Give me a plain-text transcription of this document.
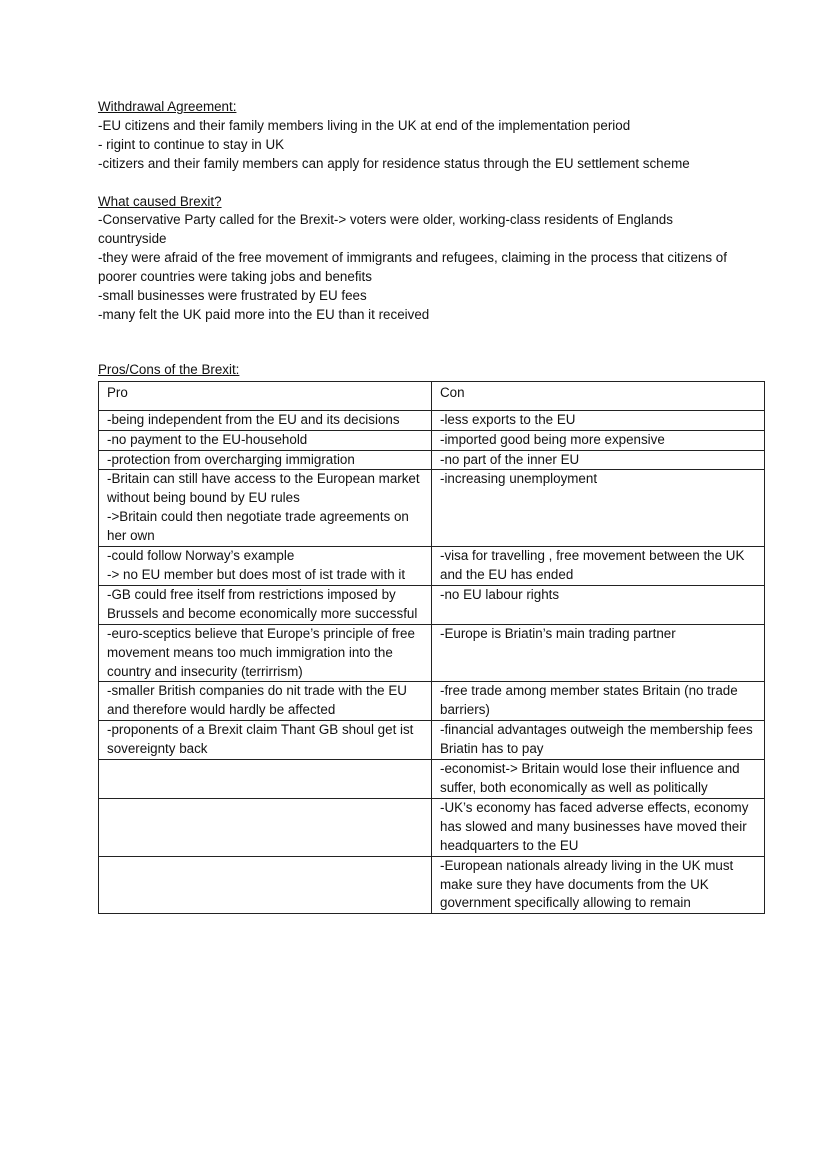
Withdrawal Agreement:
-EU citizens and their family members living in the UK at end of the implementation period
- rigint to continue to stay in UK
-citizers and their family members can apply for residence status through the EU settlement scheme
What caused Brexit?
-Conservative Party called for the Brexit-> voters were older, working-class residents of Englands countryside
-they were afraid of the free movement of immigrants and refugees, claiming in the process that citizens of poorer countries were taking jobs and benefits
-small businesses were frustrated by EU fees
-many felt the UK paid more into the EU than it received
Pros/Cons of the Brexit:
Pro	Con

-being independent from the EU and its decisions	-less exports to the EU

-no payment to the EU-household	-imported good being more expensive

-protection from overcharging immigration	-no part of the inner EU

-Britain can still have access to the European market without being bound by EU rules
->Britain could then negotiate trade agreements on her own	-increasing unemployment

-could follow Norway’s example
-> no EU member but does most of ist trade with it	-visa for travelling , free movement between the UK and the EU has ended

-GB could free itself from restrictions imposed by Brussels and become economically more successful	-no EU labour rights

-euro-sceptics believe that Europe’s principle of free movement means too much immigration into the country and insecurity (terrirrism)	-Europe is Briatin’s main trading partner

-smaller British companies do nit trade with the EU and therefore would hardly be affected	-free trade among member states Britain (no trade barriers)

-proponents of a Brexit claim Thant GB shoul get ist sovereignty back	-financial advantages outweigh the membership fees Briatin has to pay

	-economist-> Britain would lose their influence and suffer, both economically as well as politically

	-UK’s economy has faced adverse effects, economy has slowed and many businesses have moved their headquarters to the EU

	-European nationals already living in the UK must make sure they have documents from the UK government specifically allowing to remain
